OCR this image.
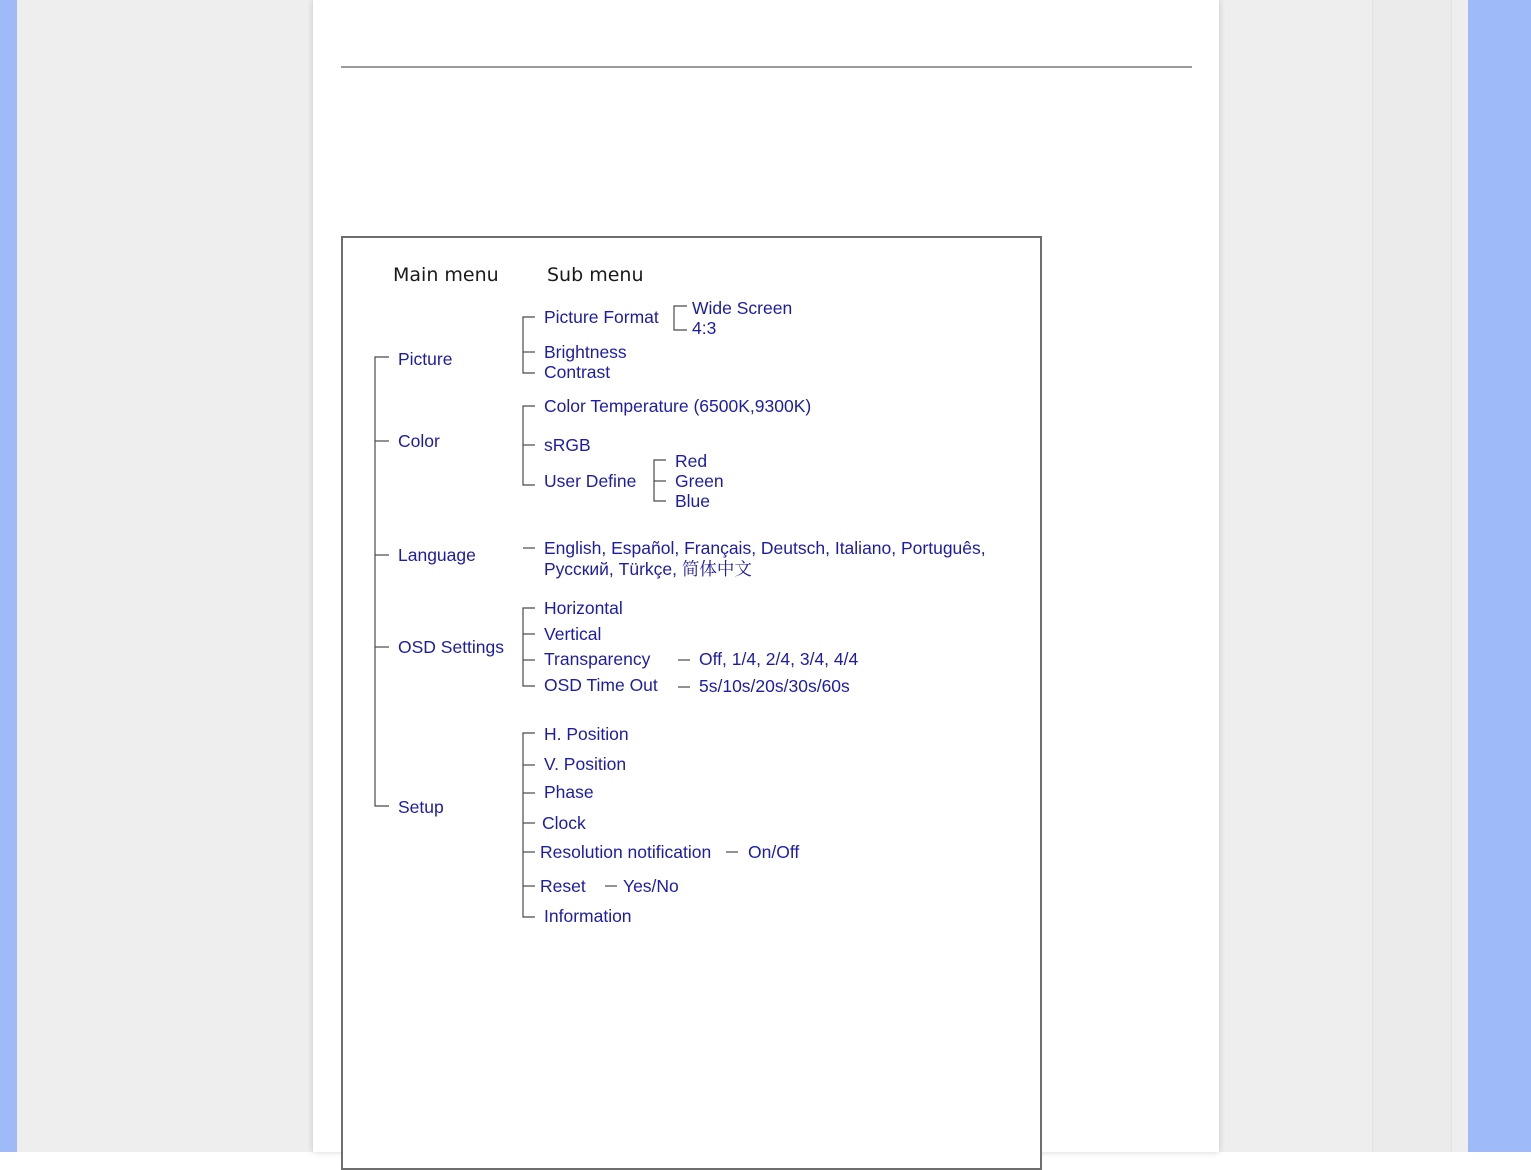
Main menu	Sub menu
Picture
Color
Language
OSD Settings
Setup
Picture Format Wide Screen
4:3
Brightness
Contrast
Color Temperature (6500K,9300K)
sRGB
User Define
Red
Green
Blue
English, Español, Français, Deutsch, Italiano, Português,
Русский, Türkçe, 简体中文
Horizontal
Vertical
Transparency	Off, 1/4, 2/4, 3/4, 4/4
OSD Time Out 5s/10s/20s/30s/60s
H. Position
V. Position
Phase
Clock
Resolution notification On/Off
Reset Yes/No
Information
